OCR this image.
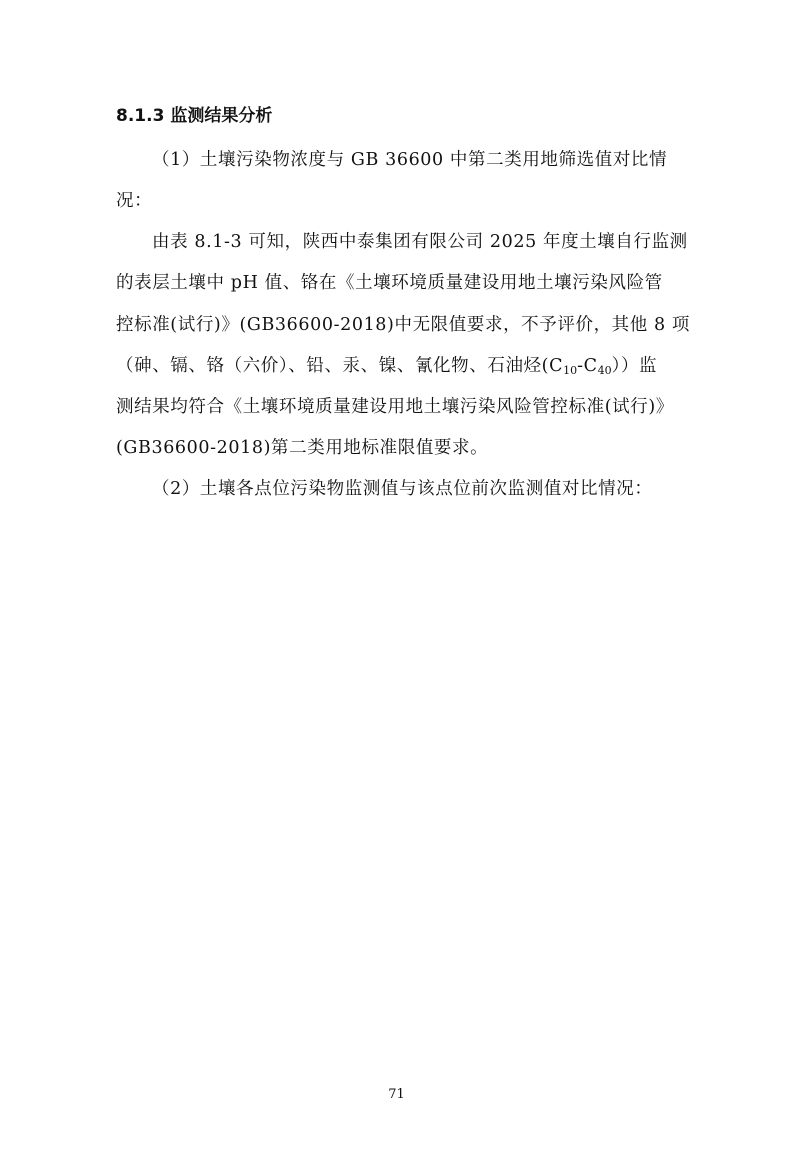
8.1.3 监测结果分析
（1）土壤污染物浓度与 GB 36600 中第二类用地筛选值对比情
况：
由表 8.1-3 可知，陕西中泰集团有限公司 2025 年度土壤自行监测
的表层土壤中 pH 值、铬在《土壤环境质量建设用地土壤污染风险管
控标准(试行)》(GB36600-2018)中无限值要求，不予评价，其他 8 项
（砷、镉、铬（六价）、铅、汞、镍、氰化物、石油烃$(C_{10}-C_{40})$）监
测结果均符合《土壤环境质量建设用地土壤污染风险管控标准(试行)》
(GB36600-2018)第二类用地标准限值要求。
（2）土壤各点位污染物监测值与该点位前次监测值对比情况：
71
